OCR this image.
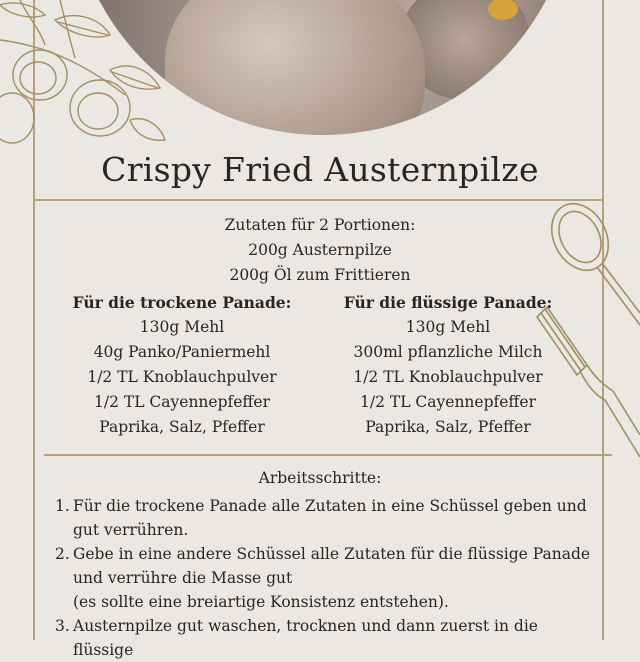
Crispy Fried Austernpilze
Zutaten für 2 Portionen:
200g Austernpilze
200g Öl zum Frittieren
Für die trockene Panade:
130g Mehl
40g Panko/Paniermehl
1/2 TL Knoblauchpulver
1/2 TL Cayennepfeffer
Paprika, Salz, Pfeffer
Für die flüssige Panade:
130g Mehl
300ml pflanzliche Milch
1/2 TL Knoblauchpulver
1/2 TL Cayennepfeffer
Paprika, Salz, Pfeffer
Arbeitsschritte:
1. Für die trockene Panade alle Zutaten in eine Schüssel geben und
gut verrühren.
2. Gebe in eine andere Schüssel alle Zutaten für die flüssige Panade
und verrühre die Masse gut
(es sollte eine breiartige Konsistenz entstehen).
3. Austernpilze gut waschen, trocknen und dann zuerst in die flüssige
